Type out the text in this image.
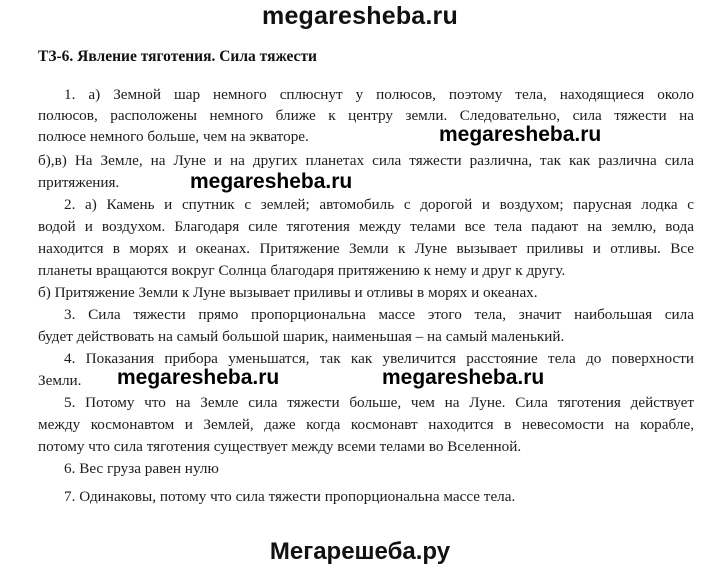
megaresheba.ru
ТЗ-6. Явление тяготения. Сила тяжести
1. а) Земной шар немного сплюснут у полюсов, поэтому тела, находящиеся около
полюсов, расположены немного ближе к центру земли. Следовательно, сила тяжести на
полюсе немного больше, чем на экваторе.
б),в) На Земле, на Луне и на других планетах сила тяжести различна, так как различна сила
притяжения.
2. а) Камень и спутник с землей; автомобиль с дорогой и воздухом; парусная лодка с
водой и воздухом. Благодаря силе тяготения между телами все тела падают на землю, вода
находится в морях и океанах. Притяжение Земли к Луне вызывает приливы и отливы. Все
планеты вращаются вокруг Солнца благодаря притяжению к нему и друг к другу.
б) Притяжение Земли к Луне вызывает приливы и отливы в морях и океанах.
3. Сила тяжести прямо пропорциональна массе этого тела, значит наибольшая сила
будет действовать на самый большой шарик, наименьшая – на самый маленький.
4. Показания прибора уменьшатся, так как увеличится расстояние тела до поверхности
Земли.
5. Потому что на Земле сила тяжести больше, чем на Луне. Сила тяготения действует
между космонавтом и Землей, даже когда космонавт находится в невесомости на корабле,
потому что сила тяготения существует между всеми телами во Вселенной.
6. Вес груза равен нулю
7. Одинаковы, потому что сила тяжести пропорциональна массе тела.
megaresheba.ru
megaresheba.ru
megaresheba.ru	megaresheba.ru
Мегарешеба.ру
